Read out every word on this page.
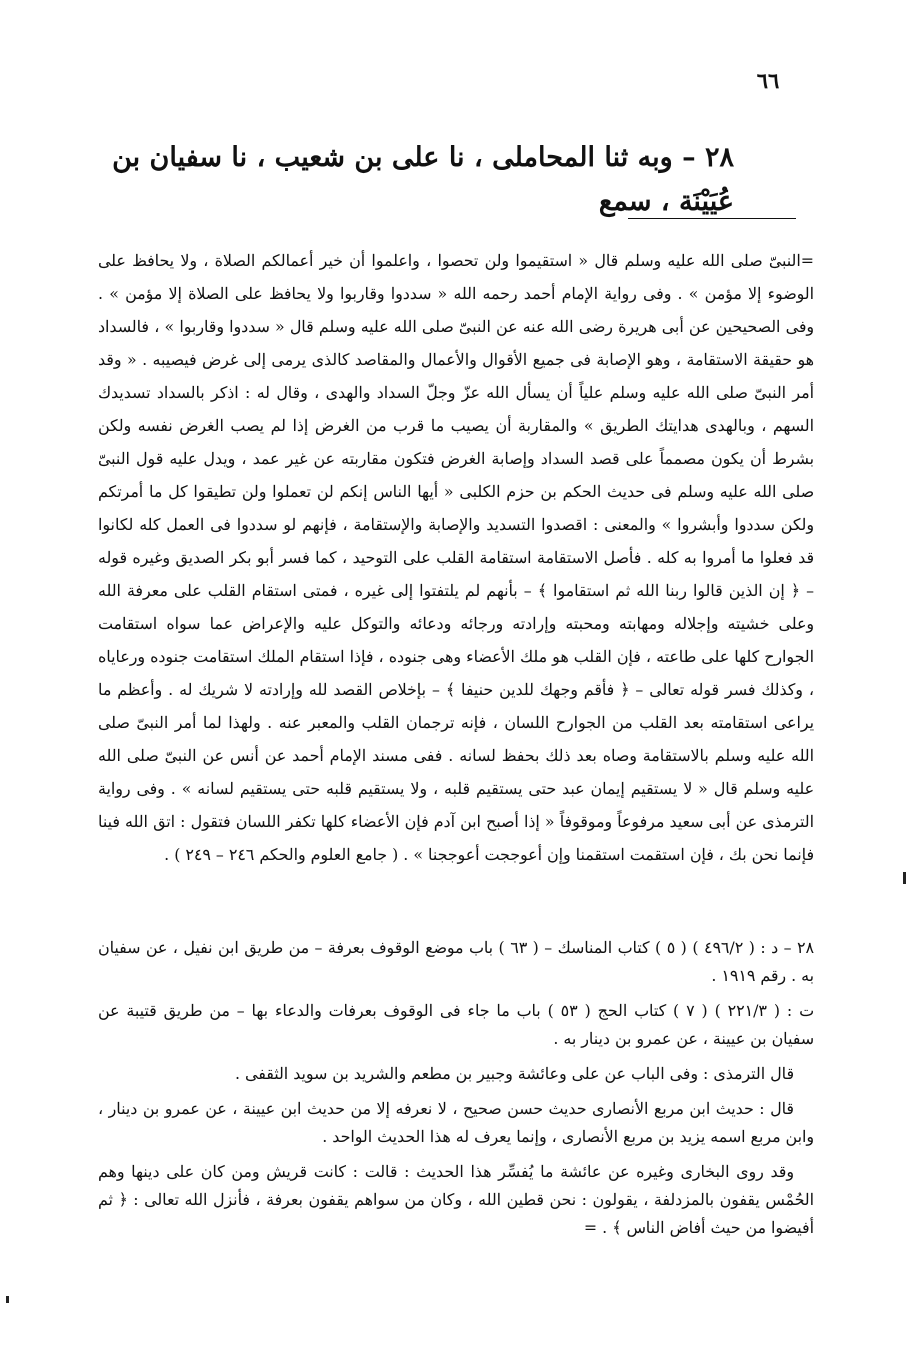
٦٦
٢٨ – وبه ثنا المحاملى ، نا على بن شعيب ، نا سفيان بن عُيَيْنَة ، سمع

=النبىّ صلى الله عليه وسلم قال « استقيموا ولن تحصوا ، واعلموا أن خير أعمالكم الصلاة ، ولا يحافظ على الوضوء إلا مؤمن » . وفى رواية الإمام أحمد رحمه الله « سددوا وقاربوا ولا يحافظ على الصلاة إلا مؤمن » . وفى الصحيحين عن أبى هريرة رضى الله عنه عن النبىّ صلى الله عليه وسلم قال « سددوا وقاربوا » ، فالسداد هو حقيقة الاستقامة ، وهو الإصابة فى جميع الأقوال والأعمال والمقاصد كالذى يرمى إلى غرض فيصيبه . « وقد أمر النبىّ صلى الله عليه وسلم علياً أن يسأل الله عزّ وجلّ السداد والهدى ، وقال له : اذكر بالسداد تسديدك السهم ، وبالهدى هدايتك الطريق » والمقاربة أن يصيب ما قرب من الغرض إذا لم يصب الغرض نفسه ولكن بشرط أن يكون مصمماً على قصد السداد وإصابة الغرض فتكون مقاربته عن غير عمد ، ويدل عليه قول النبىّ صلى الله عليه وسلم فى حديث الحكم بن حزم الكلبى « أيها الناس إنكم لن تعملوا ولن تطيقوا كل ما أمرتكم ولكن سددوا وأبشروا » والمعنى : اقصدوا التسديد والإصابة والإستقامة ، فإنهم لو سددوا فى العمل كله لكانوا قد فعلوا ما أمروا به كله . فأصل الاستقامة استقامة القلب على التوحيد ، كما فسر أبو بكر الصديق وغيره قوله – ﴿ إن الذين قالوا ربنا الله ثم استقاموا ﴾ – بأنهم لم يلتفتوا إلى غيره ، فمتى استقام القلب على معرفة الله وعلى خشيته وإجلاله ومهابته ومحبته وإرادته ورجائه ودعائه والتوكل عليه والإعراض عما سواه استقامت الجوارح كلها على طاعته ، فإن القلب هو ملك الأعضاء وهى جنوده ، فإذا استقام الملك استقامت جنوده ورعاياه ، وكذلك فسر قوله تعالى – ﴿ فأقم وجهك للدين حنيفا ﴾ – بإخلاص القصد لله وإرادته لا شريك له . وأعظم ما يراعى استقامته بعد القلب من الجوارح اللسان ، فإنه ترجمان القلب والمعبر عنه . ولهذا لما أمر النبىّ صلى الله عليه وسلم بالاستقامة وصاه بعد ذلك بحفظ لسانه . ففى مسند الإمام أحمد عن أنس عن النبىّ صلى الله عليه وسلم قال « لا يستقيم إيمان عبد حتى يستقيم قلبه ، ولا يستقيم قلبه حتى يستقيم لسانه » . وفى رواية الترمذى عن أبى سعيد مرفوعاً وموقوفاً « إذا أصبح ابن آدم فإن الأعضاء كلها تكفر اللسان فتقول : اتق الله فينا فإنما نحن بك ، فإن استقمت استقمنا وإن أعوججت أعوججنا » . ( جامع العلوم والحكم ٢٤٦ – ٢٤٩ ) .

٢٨ – د : ( ٤٩٦/٢ ) ( ٥ ) كتاب المناسك – ( ٦٣ ) باب موضع الوقوف بعرفة – من طريق ابن نفيل ، عن سفيان به . رقم ١٩١٩ .

ت : ( ٢٢١/٣ ) ( ٧ ) كتاب الحج ( ٥٣ ) باب ما جاء فى الوقوف بعرفات والدعاء بها – من طريق قتيبة عن سفيان بن عيينة ، عن عمرو بن دينار به .

قال الترمذى : وفى الباب عن على وعائشة وجبير بن مطعم والشريد بن سويد الثقفى .

قال : حديث ابن مربع الأنصارى حديث حسن صحيح ، لا نعرفه إلا من حديث ابن عيينة ، عن عمرو بن دينار ، وابن مربع اسمه يزيد بن مربع الأنصارى ، وإنما يعرف له هذا الحديث الواحد .

وقد روى البخارى وغيره عن عائشة ما يُفسِّر هذا الحديث : قالت : كانت قريش ومن كان على دينها وهم الحُمْس يقفون بالمزدلفة ، يقولون : نحن قطين الله ، وكان من سواهم يقفون بعرفة ، فأنزل الله تعالى : ﴿ ثم أفيضوا من حيث أفاض الناس ﴾ . =
